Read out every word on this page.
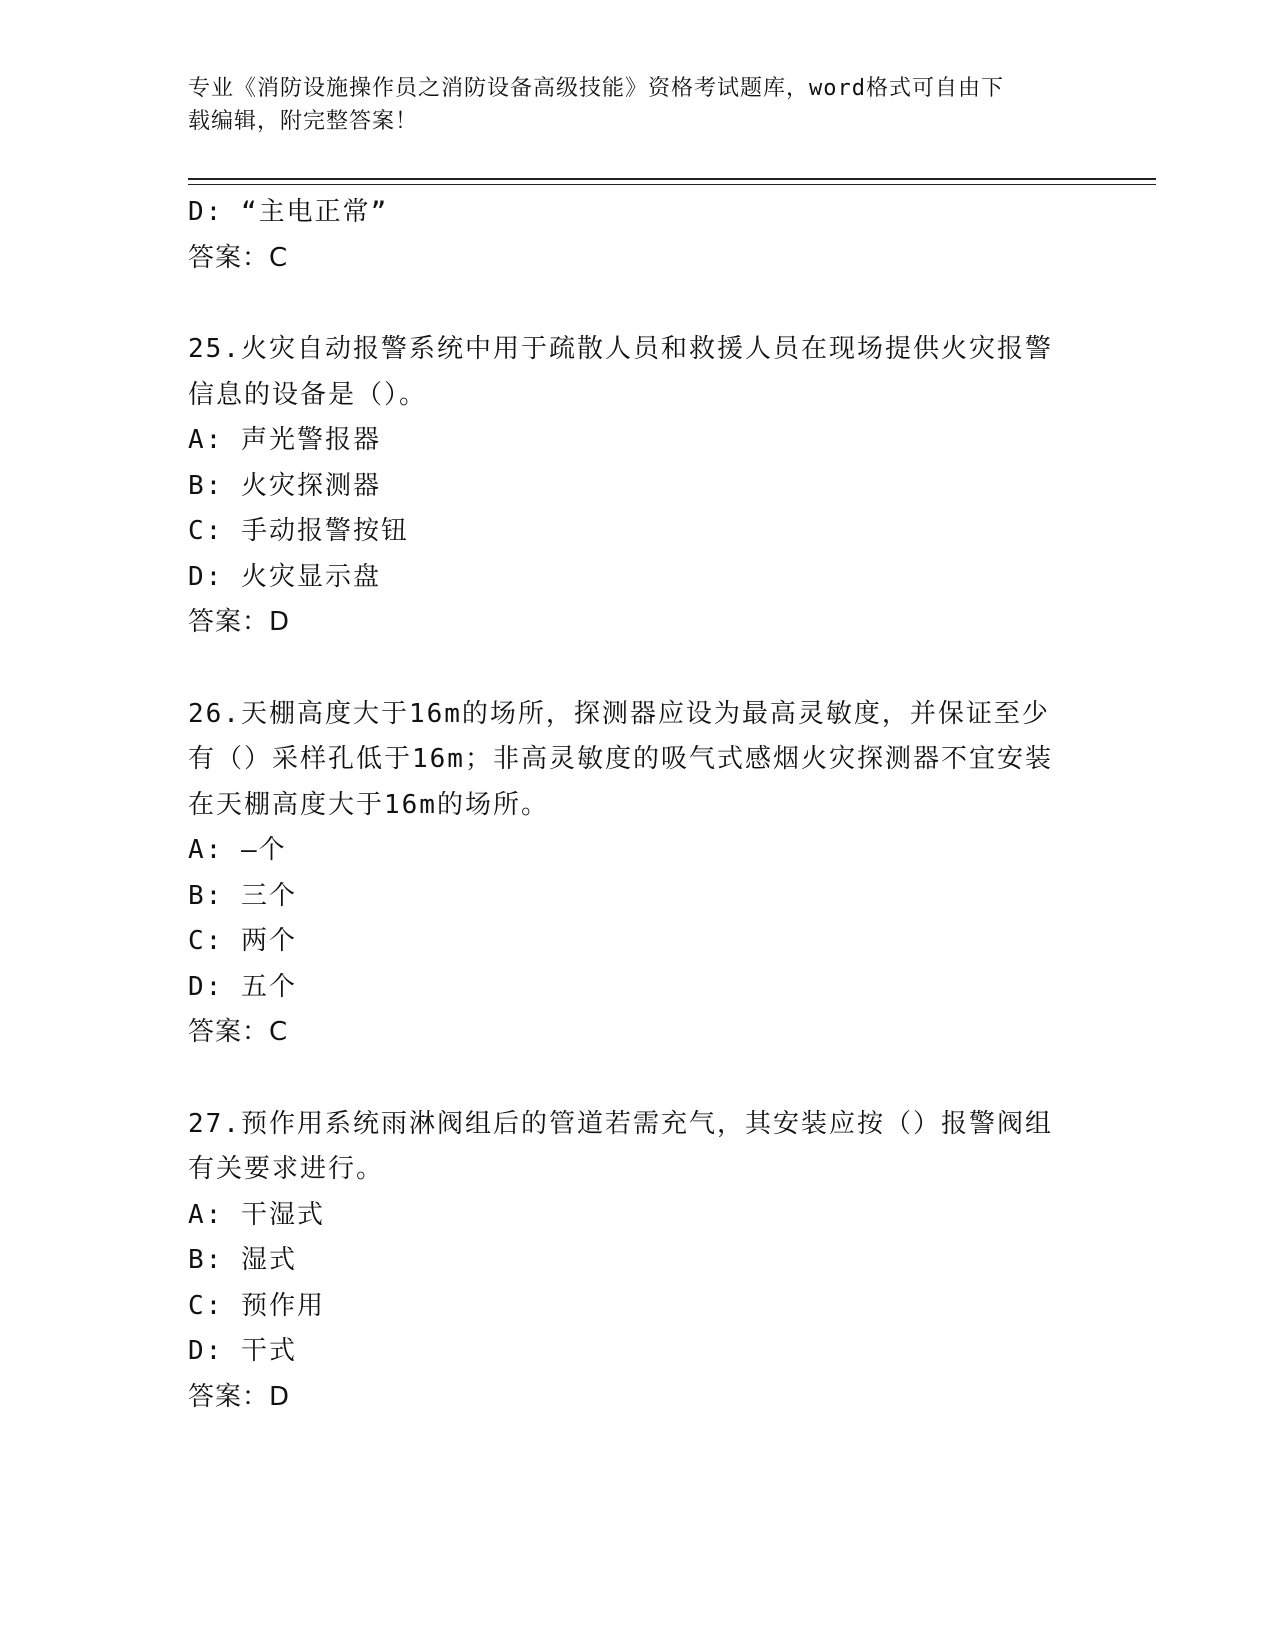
专业《消防设施操作员之消防设备高级技能》资格考试题库，word格式可自由下
载编辑，附完整答案！
D: “主电正常”
答案：C
25.火灾自动报警系统中用于疏散人员和救援人员在现场提供火灾报警
信息的设备是（）。
A: 声光警报器
B: 火灾探测器
C: 手动报警按钮
D: 火灾显示盘
答案：D
26.天棚高度大于16m的场所，探测器应设为最高灵敏度，并保证至少
有（）采样孔低于16m；非高灵敏度的吸气式感烟火灾探测器不宜安装
在天棚高度大于16m的场所。
A: —个
B: 三个
C: 两个
D: 五个
答案：C
27.预作用系统雨淋阀组后的管道若需充气，其安装应按（）报警阀组
有关要求进行。
A: 干湿式
B: 湿式
C: 预作用
D: 干式
答案：D
